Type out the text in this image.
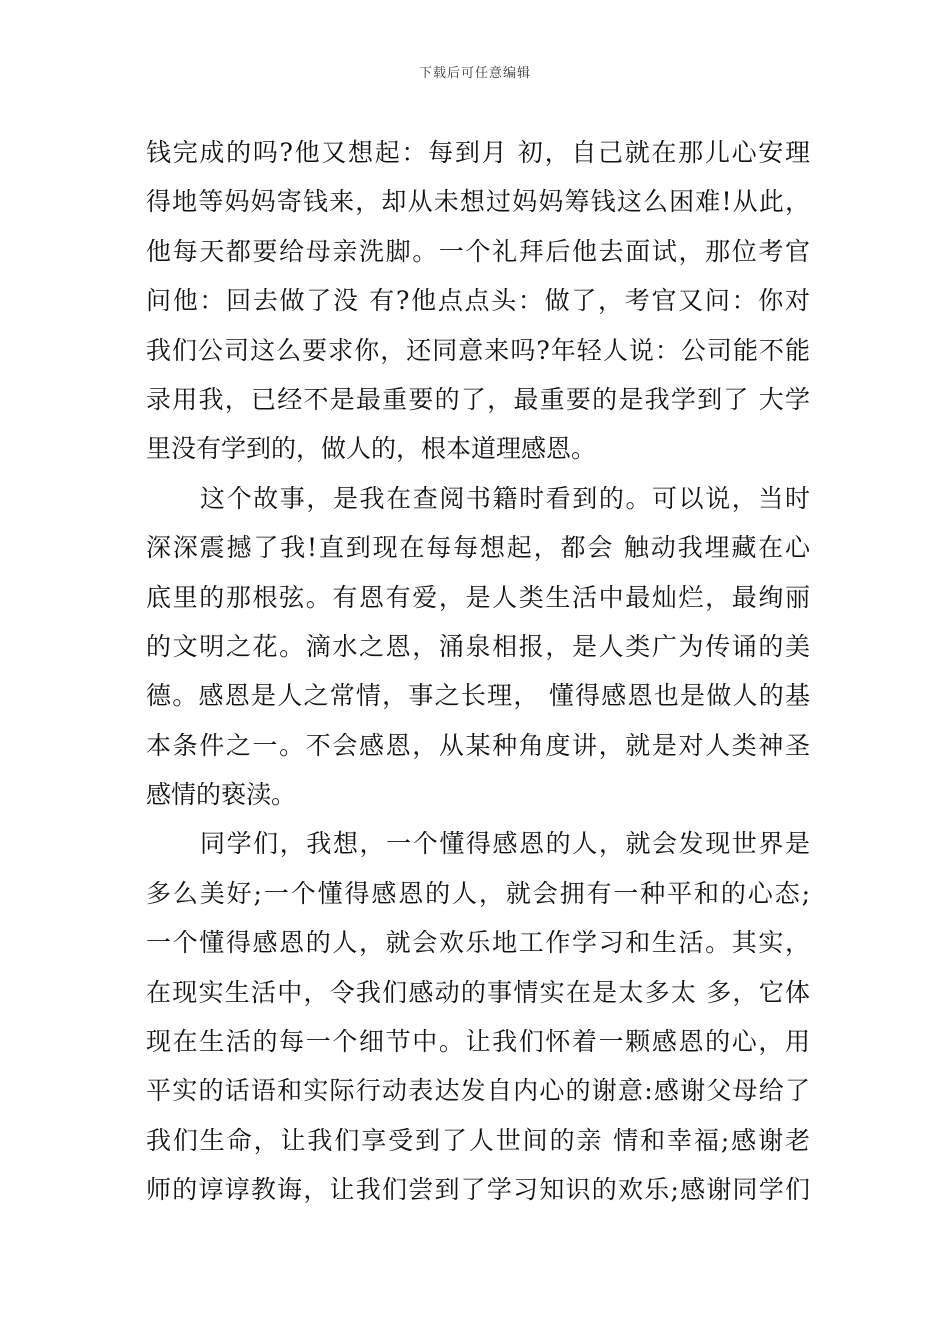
下载后可任意编辑
钱完成的吗?他又想起：每到月 初，自己就在那儿心安理
得地等妈妈寄钱来，却从未想过妈妈筹钱这么困难!从此，
他每天都要给母亲洗脚。一个礼拜后他去面试，那位考官
问他：回去做了没 有?他点点头：做了，考官又问：你对
我们公司这么要求你，还同意来吗?年轻人说：公司能不能
录用我，已经不是最重要的了，最重要的是我学到了 大学
里没有学到的，做人的，根本道理感恩。
这个故事，是我在查阅书籍时看到的。可以说，当时
深深震撼了我!直到现在每每想起，都会 触动我埋藏在心
底里的那根弦。有恩有爱，是人类生活中最灿烂，最绚丽
的文明之花。滴水之恩，涌泉相报，是人类广为传诵的美
德。感恩是人之常情，事之长理， 懂得感恩也是做人的基
本条件之一。不会感恩，从某种角度讲，就是对人类神圣
感情的亵渎。
同学们，我想，一个懂得感恩的人，就会发现世界是
多么美好;一个懂得感恩的人，就会拥有一种平和的心态;
一个懂得感恩的人，就会欢乐地工作学习和生活。其实，
在现实生活中，令我们感动的事情实在是太多太 多，它体
现在生活的每一个细节中。让我们怀着一颗感恩的心，用
平实的话语和实际行动表达发自内心的谢意:感谢父母给了
我们生命，让我们享受到了人世间的亲 情和幸福;感谢老
师的谆谆教诲，让我们尝到了学习知识的欢乐;感谢同学们
